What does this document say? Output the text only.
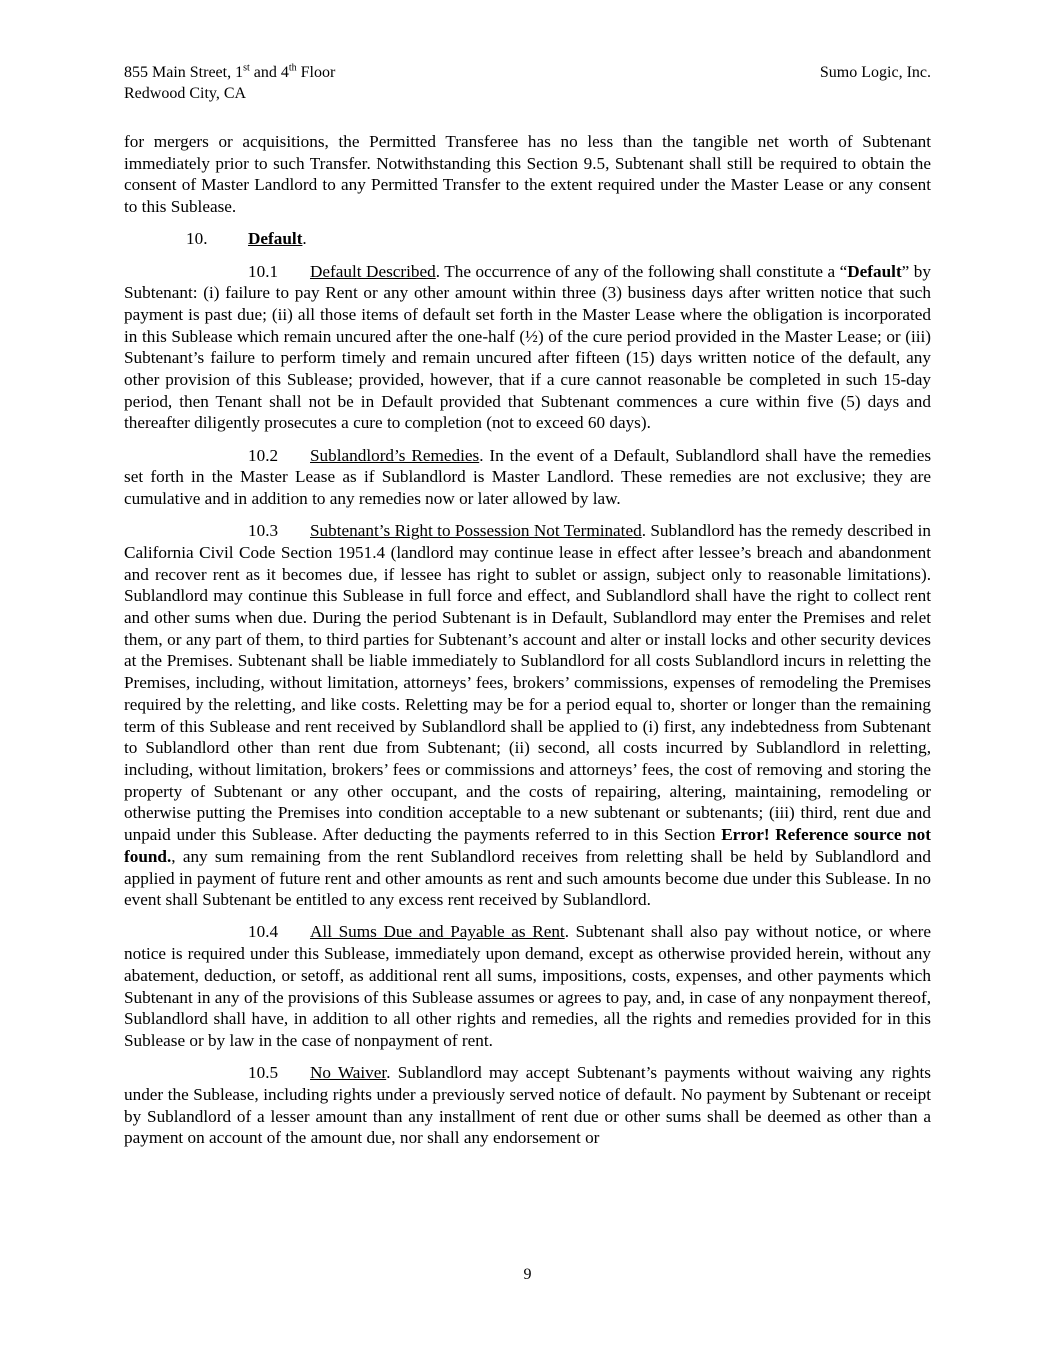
855 Main Street, 1st and 4th Floor
Redwood City, CA
Sumo Logic, Inc.

for mergers or acquisitions, the Permitted Transferee has no less than the tangible net worth of Subtenant immediately prior to such Transfer. Notwithstanding this Section 9.5, Subtenant shall still be required to obtain the consent of Master Landlord to any Permitted Transfer to the extent required under the Master Lease or any consent to this Sublease.

10. Default.

10.1 Default Described. The occurrence of any of the following shall constitute a “Default” by Subtenant: (i) failure to pay Rent or any other amount within three (3) business days after written notice that such payment is past due; (ii) all those items of default set forth in the Master Lease where the obligation is incorporated in this Sublease which remain uncured after the one-half (½) of the cure period provided in the Master Lease; or (iii) Subtenant’s failure to perform timely and remain uncured after fifteen (15) days written notice of the default, any other provision of this Sublease; provided, however, that if a cure cannot reasonable be completed in such 15-day period, then Tenant shall not be in Default provided that Subtenant commences a cure within five (5) days and thereafter diligently prosecutes a cure to completion (not to exceed 60 days).

10.2 Sublandlord’s Remedies. In the event of a Default, Sublandlord shall have the remedies set forth in the Master Lease as if Sublandlord is Master Landlord. These remedies are not exclusive; they are cumulative and in addition to any remedies now or later allowed by law.

10.3 Subtenant’s Right to Possession Not Terminated. Sublandlord has the remedy described in California Civil Code Section 1951.4 (landlord may continue lease in effect after lessee’s breach and abandonment and recover rent as it becomes due, if lessee has right to sublet or assign, subject only to reasonable limitations). Sublandlord may continue this Sublease in full force and effect, and Sublandlord shall have the right to collect rent and other sums when due. During the period Subtenant is in Default, Sublandlord may enter the Premises and relet them, or any part of them, to third parties for Subtenant’s account and alter or install locks and other security devices at the Premises. Subtenant shall be liable immediately to Sublandlord for all costs Sublandlord incurs in reletting the Premises, including, without limitation, attorneys’ fees, brokers’ commissions, expenses of remodeling the Premises required by the reletting, and like costs. Reletting may be for a period equal to, shorter or longer than the remaining term of this Sublease and rent received by Sublandlord shall be applied to (i) first, any indebtedness from Subtenant to Sublandlord other than rent due from Subtenant; (ii) second, all costs incurred by Sublandlord in reletting, including, without limitation, brokers’ fees or commissions and attorneys’ fees, the cost of removing and storing the property of Subtenant or any other occupant, and the costs of repairing, altering, maintaining, remodeling or otherwise putting the Premises into condition acceptable to a new subtenant or subtenants; (iii) third, rent due and unpaid under this Sublease. After deducting the payments referred to in this Section Error! Reference source not found., any sum remaining from the rent Sublandlord receives from reletting shall be held by Sublandlord and applied in payment of future rent and other amounts as rent and such amounts become due under this Sublease. In no event shall Subtenant be entitled to any excess rent received by Sublandlord.

10.4 All Sums Due and Payable as Rent. Subtenant shall also pay without notice, or where notice is required under this Sublease, immediately upon demand, except as otherwise provided herein, without any abatement, deduction, or setoff, as additional rent all sums, impositions, costs, expenses, and other payments which Subtenant in any of the provisions of this Sublease assumes or agrees to pay, and, in case of any nonpayment thereof, Sublandlord shall have, in addition to all other rights and remedies, all the rights and remedies provided for in this Sublease or by law in the case of nonpayment of rent.

10.5 No Waiver. Sublandlord may accept Subtenant’s payments without waiving any rights under the Sublease, including rights under a previously served notice of default. No payment by Subtenant or receipt by Sublandlord of a lesser amount than any installment of rent due or other sums shall be deemed as other than a payment on account of the amount due, nor shall any endorsement or

9
